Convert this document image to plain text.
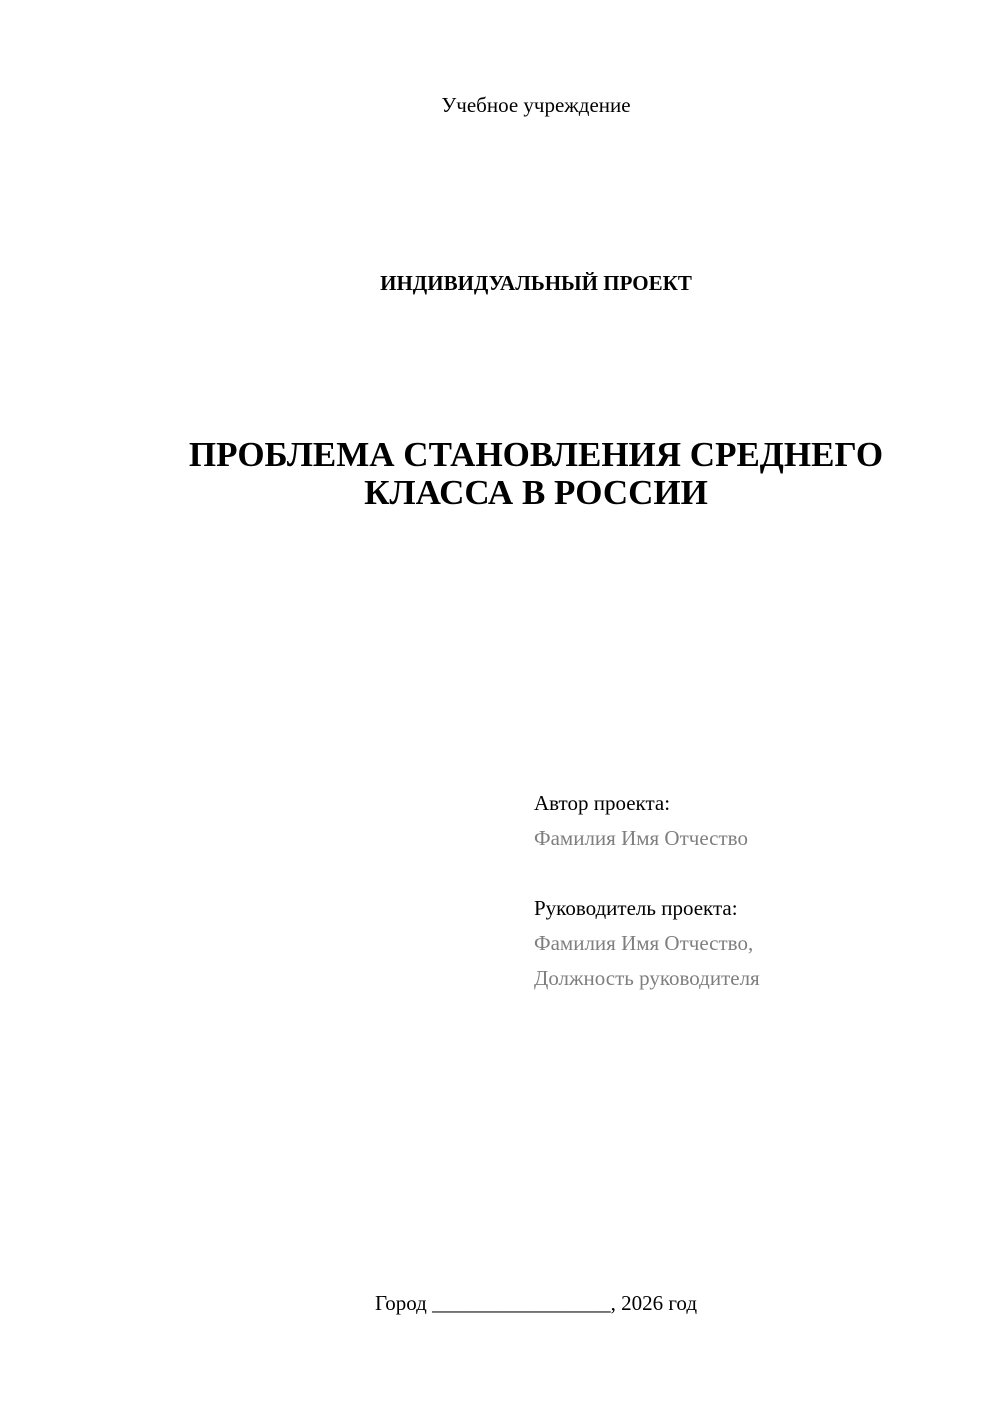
Учебное учреждение
ИНДИВИДУАЛЬНЫЙ ПРОЕКТ
ПРОБЛЕМА СТАНОВЛЕНИЯ СРЕДНЕГО
КЛАССА В РОССИИ
Автор проекта:
Фамилия Имя Отчество
Руководитель проекта:
Фамилия Имя Отчество,
Должность руководителя
Город _________________, 2026 год
